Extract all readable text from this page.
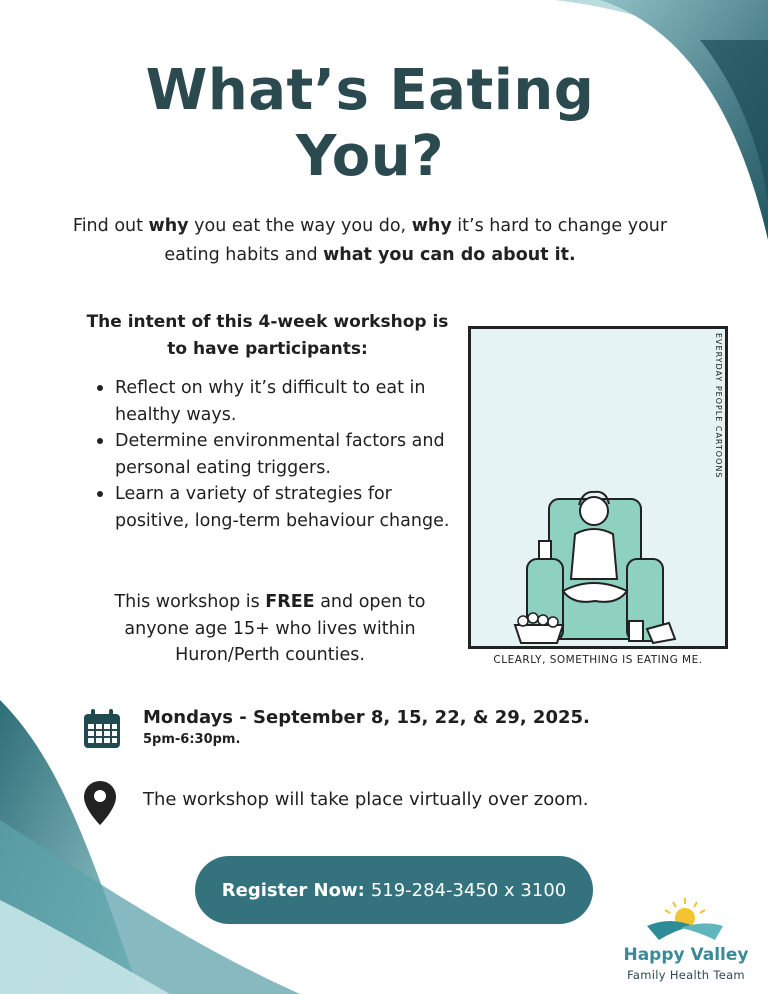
What’s Eating
You?
Find out why you eat the way you do, why it’s hard to change your eating habits and what you can do about it.
The intent of this 4-week workshop is to have participants:
Reflect on why it’s difficult to eat in healthy ways.
Determine environmental factors and personal eating triggers.
Learn a variety of strategies for positive, long-term behaviour change.
This workshop is FREE and open to anyone age 15+ who lives within Huron/Perth counties.
EVERYDAY PEOPLE CARTOONS
CLEARLY, SOMETHING IS EATING ME.
Mondays - September 8, 15, 22, & 29, 2025.
5pm-6:30pm.
The workshop will take place virtually over zoom.
Register Now: 519-284-3450 x 3100
Happy Valley
Family Health Team
